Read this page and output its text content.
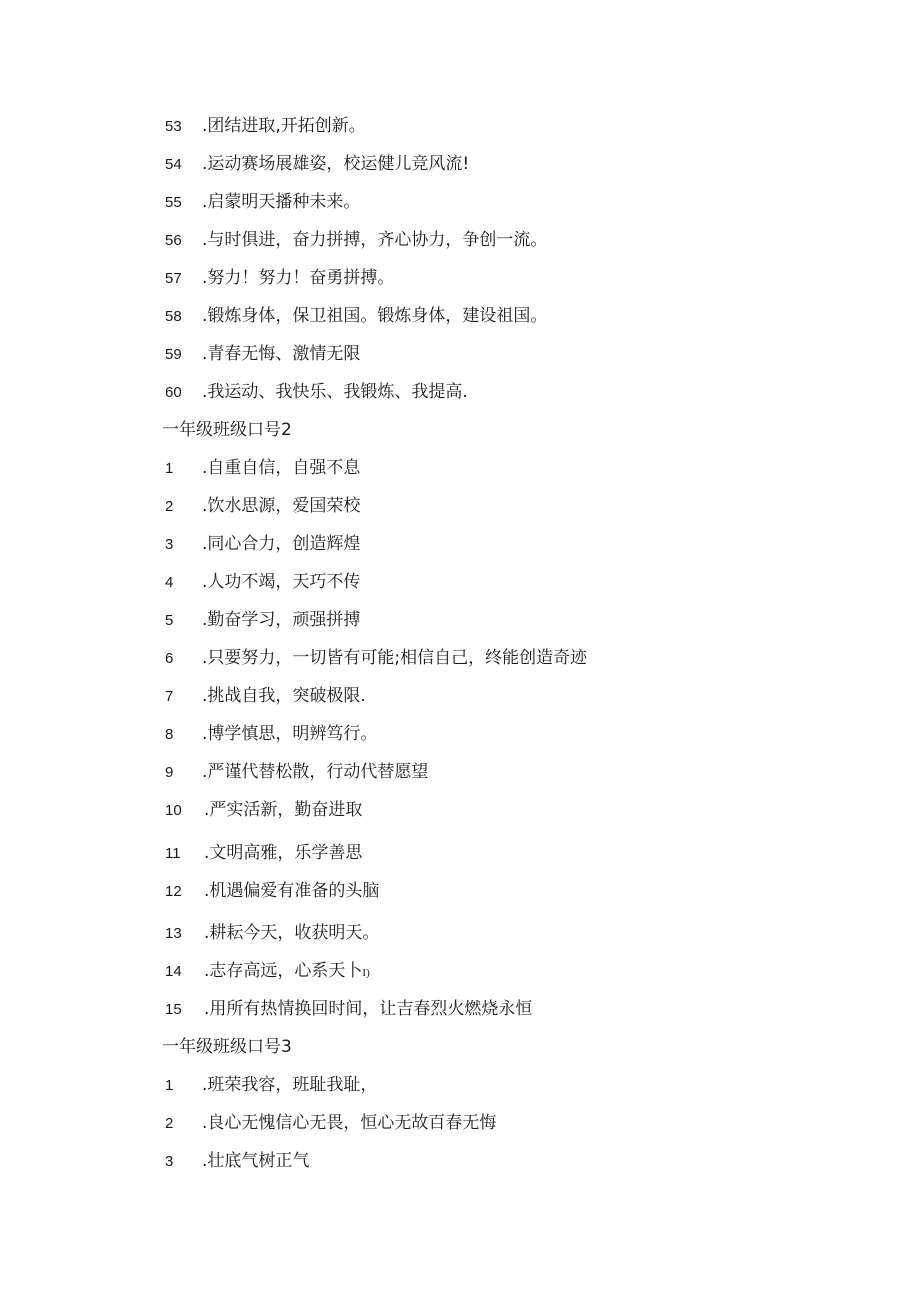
53 .团结进取,开拓创新。
54 .运动赛场展雄姿，校运健儿竞风流!
55 .启蒙明天播种未来。
56 .与时俱进，奋力拼搏，齐心协力，争创一流。
57 .努力！努力！奋勇拼搏。
58 .锻炼身体，保卫祖国。锻炼身体，建设祖国。
59 .青春无悔、激情无限
60 .我运动、我快乐、我锻炼、我提高.
一年级班级口号2
1 .自重自信，自强不息
2 .饮水思源，爱国荣校
3 .同心合力，创造辉煌
4 .人功不竭，天巧不传
5 .勤奋学习，顽强拼搏
6 .只要努力，一切皆有可能;相信自己，终能创造奇迹
7 .挑战自我，突破极限.
8 .博学慎思，明辨笃行。
9 .严谨代替松散，行动代替愿望
10 .严实活新，勤奋进取
11 .文明高雅，乐学善思
12 .机遇偏爱有准备的头脑
13 .耕耘今天，收获明天。
14 .志存高远，心系天卜I)
15 .用所有热情换回时间，让吉春烈火燃烧永恒
一年级班级口号3
1 .班荣我容，班耻我耻，
2 .良心无愧信心无畏，恒心无故百春无悔
3 .壮底气树正气
